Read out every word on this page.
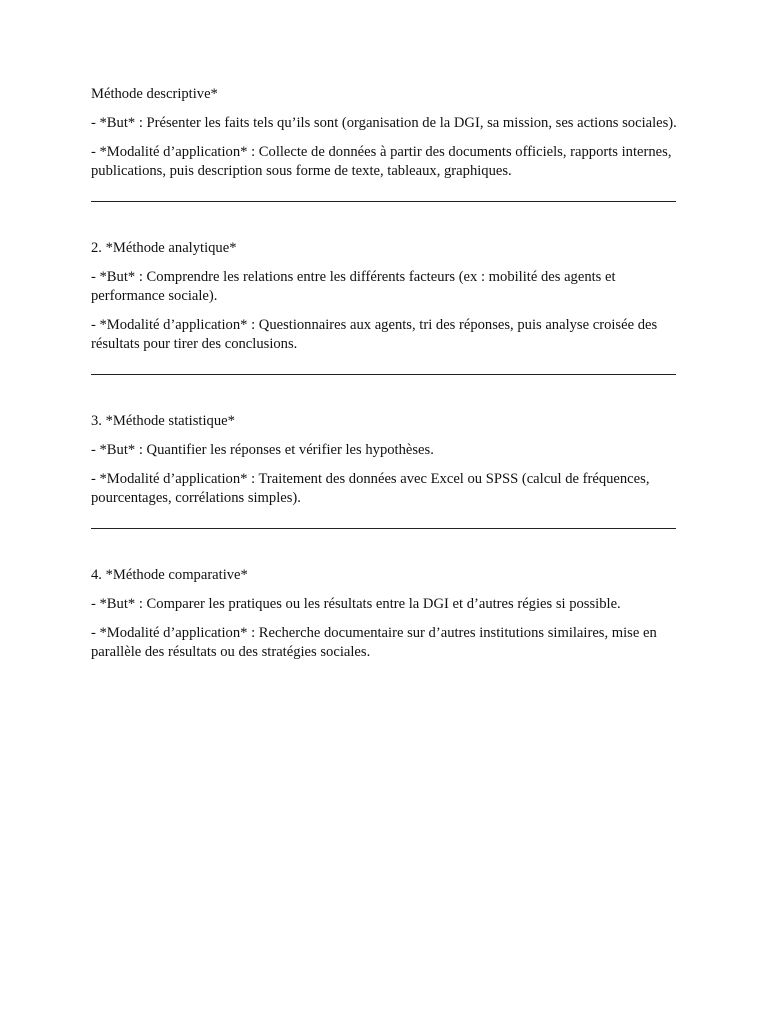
Méthode descriptive*

- *But* : Présenter les faits tels qu’ils sont (organisation de la DGI, sa mission, ses actions sociales).

- *Modalité d’application* : Collecte de données à partir des documents officiels, rapports internes, publications, puis description sous forme de texte, tableaux, graphiques.

2. *Méthode analytique*

- *But* : Comprendre les relations entre les différents facteurs (ex : mobilité des agents et performance sociale).

- *Modalité d’application* : Questionnaires aux agents, tri des réponses, puis analyse croisée des résultats pour tirer des conclusions.

3. *Méthode statistique*

- *But* : Quantifier les réponses et vérifier les hypothèses.

- *Modalité d’application* : Traitement des données avec Excel ou SPSS (calcul de fréquences, pourcentages, corrélations simples).

4. *Méthode comparative*

- *But* : Comparer les pratiques ou les résultats entre la DGI et d’autres régies si possible.

- *Modalité d’application* : Recherche documentaire sur d’autres institutions similaires, mise en parallèle des résultats ou des stratégies sociales.
